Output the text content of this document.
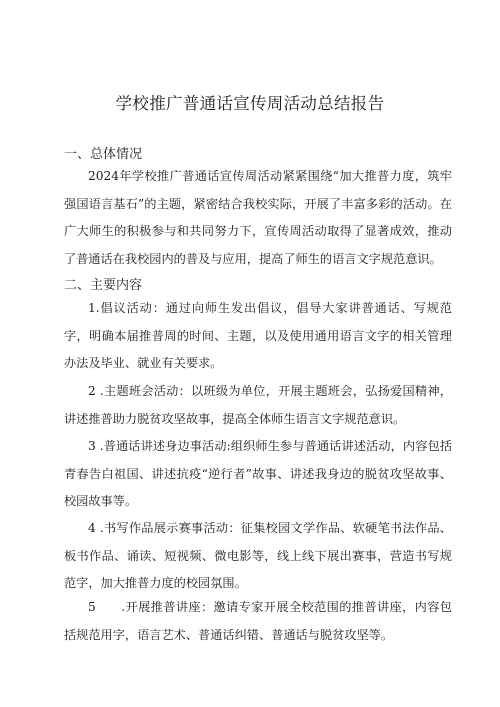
学校推广普通话宣传周活动总结报告
一、总体情况

2024年学校推广普通话宣传周活动紧紧围绕“加大推普力度，筑牢强国语言基石”的主题，紧密结合我校实际，开展了丰富多彩的活动。在广大师生的积极参与和共同努力下，宣传周活动取得了显著成效，推动了普通话在我校园内的普及与应用，提高了师生的语言文字规范意识。

二、主要内容

1.倡议活动：通过向师生发出倡议，倡导大家讲普通话、写规范字，明确本届推普周的时间、主题，以及使用通用语言文字的相关管理办法及毕业、就业有关要求。

2 .主题班会活动：以班级为单位，开展主题班会，弘扬爱国精神，讲述推普助力脱贫攻坚故事，提高全体师生语言文字规范意识。

3 .普通话讲述身边事活动:组织师生参与普通话讲述活动，内容包括青春告白祖国、讲述抗疫“逆行者”故事、讲述我身边的脱贫攻坚故事、校园故事等。

4 .书写作品展示赛事活动：征集校园文学作品、软硬笔书法作品、板书作品、诵读、短视频、微电影等，线上线下展出赛事，营造书写规范字，加大推普力度的校园氛围。

5　　.开展推普讲座：邀请专家开展全校范围的推普讲座，内容包括规范用字，语言艺术、普通话纠错、普通话与脱贫攻坚等。
